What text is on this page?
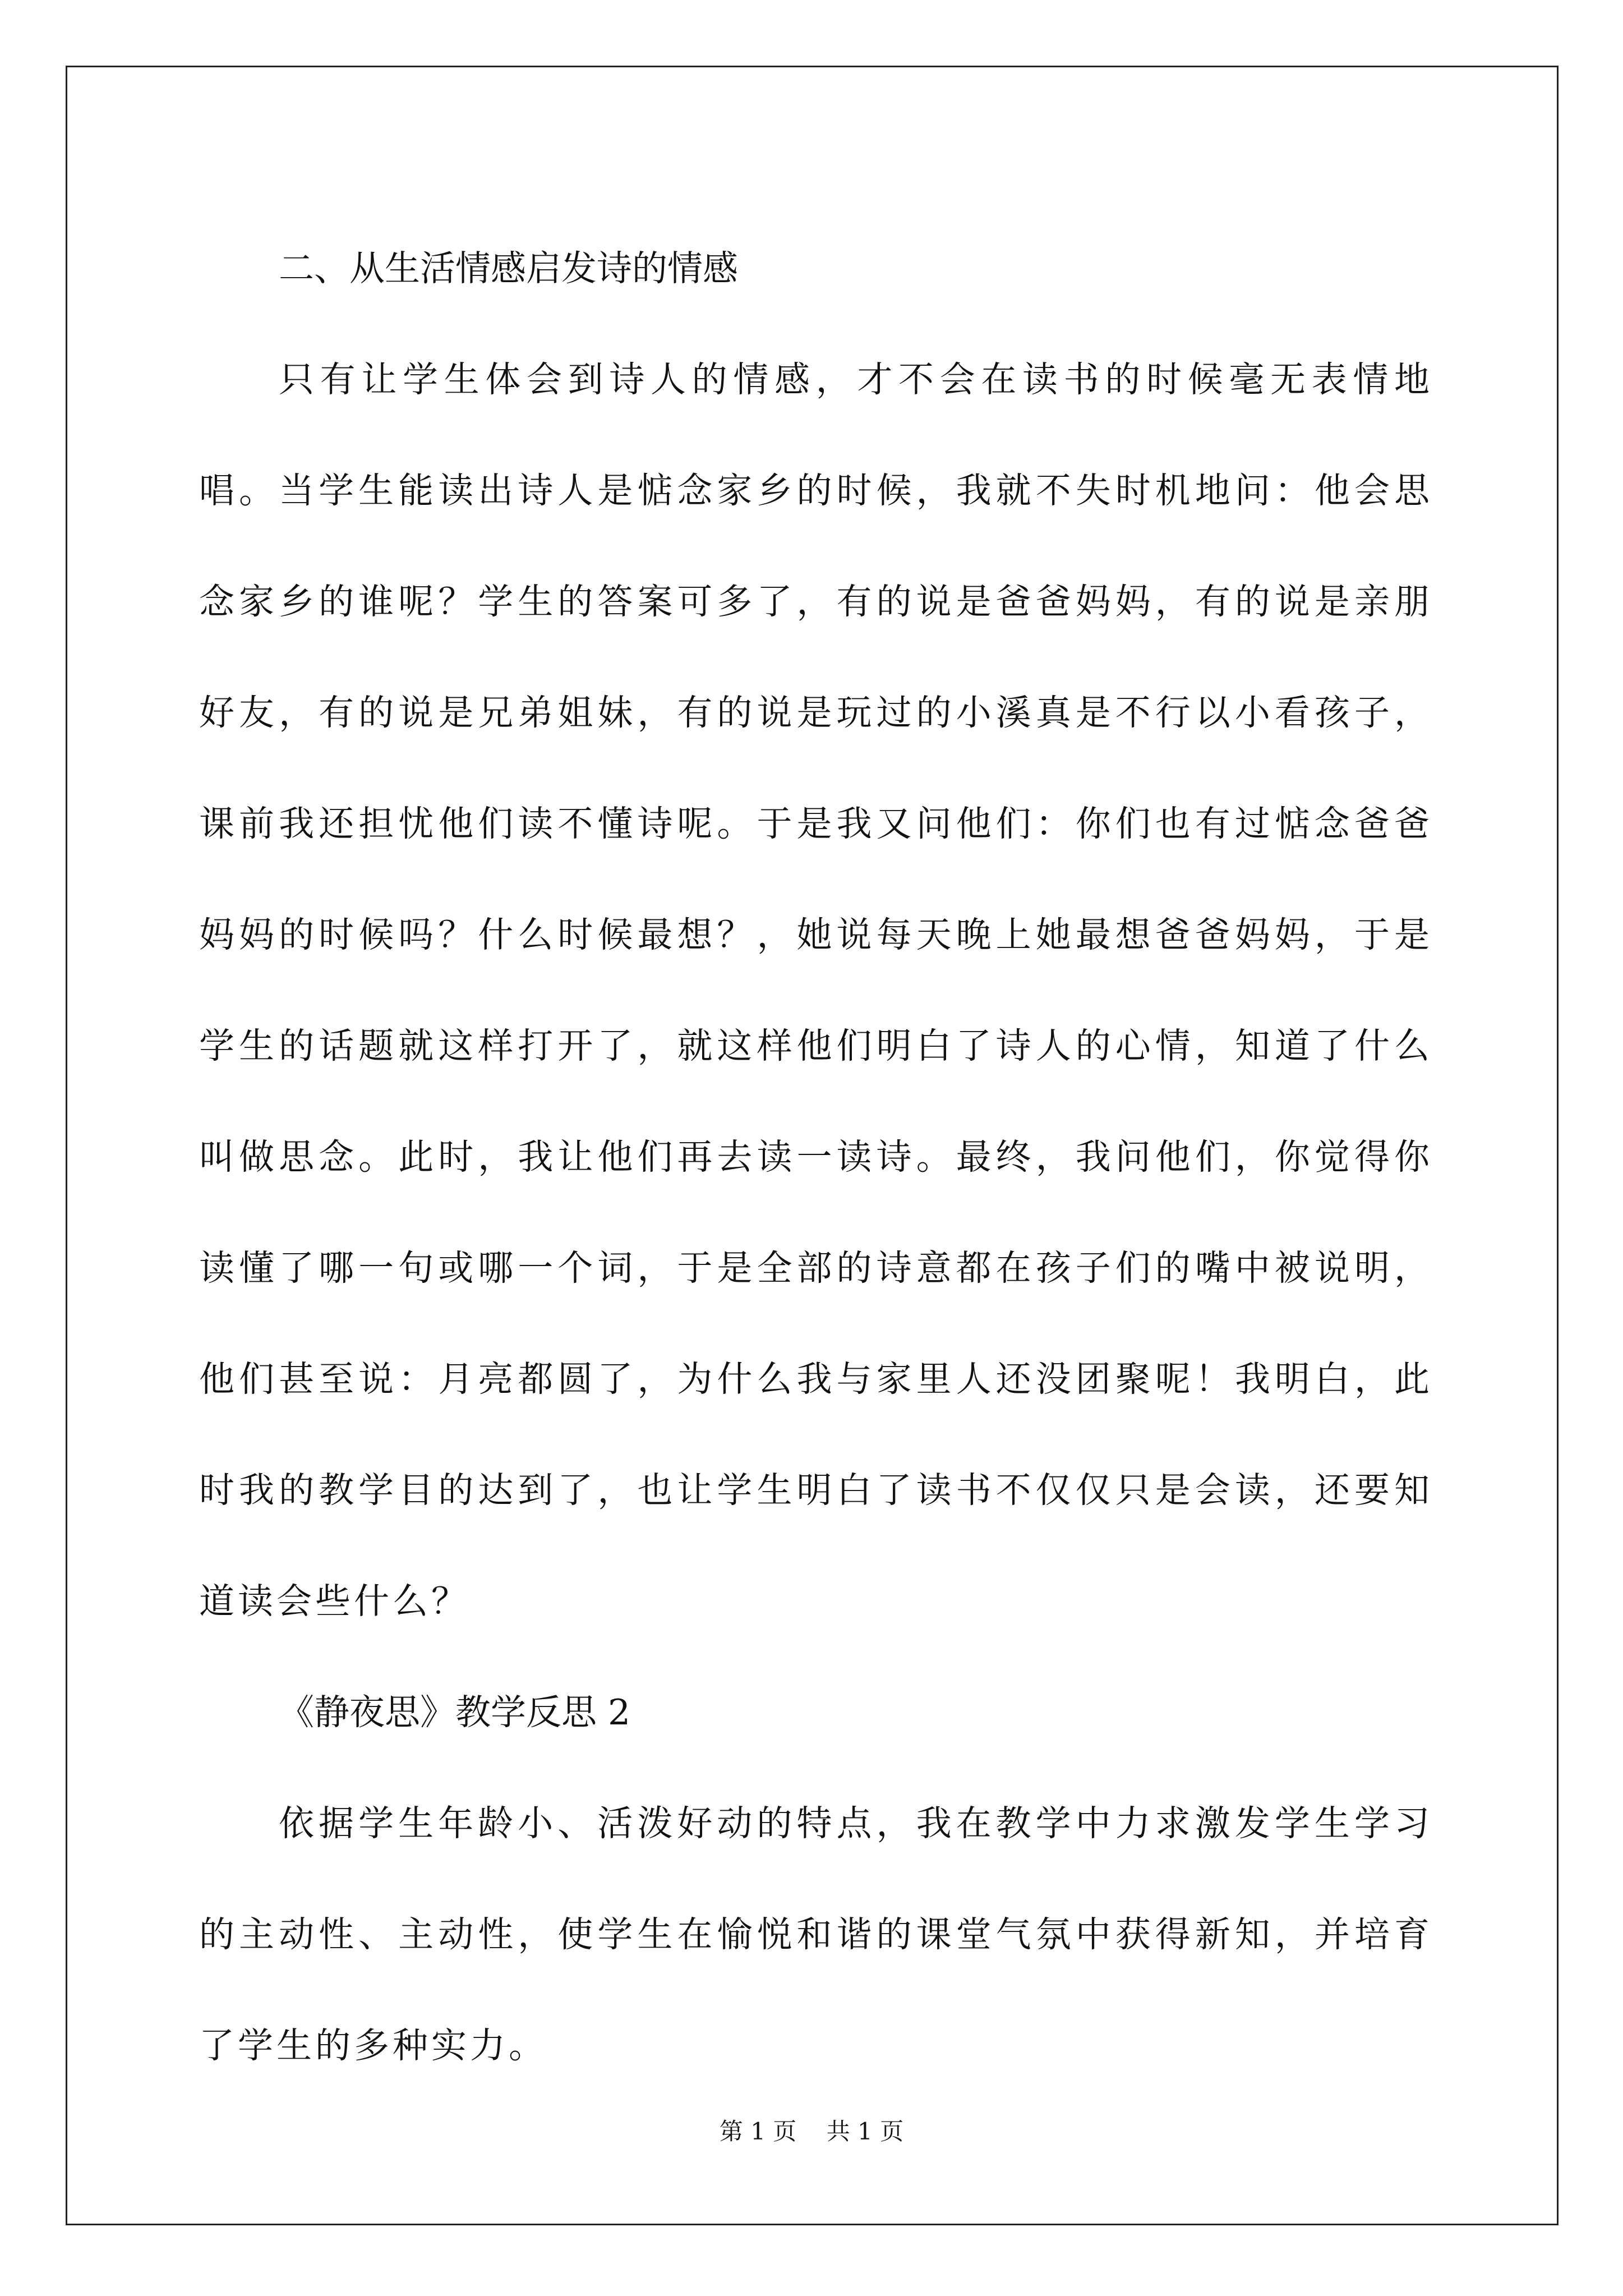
二、从生活情感启发诗的情感

只有让学生体会到诗人的情感，才不会在读书的时候毫无表情地唱。当学生能读出诗人是惦念家乡的时候，我就不失时机地问：他会思念家乡的谁呢？学生的答案可多了，有的说是爸爸妈妈，有的说是亲朋好友，有的说是兄弟姐妹，有的说是玩过的小溪真是不行以小看孩子，课前我还担忧他们读不懂诗呢。于是我又问他们：你们也有过惦念爸爸妈妈的时候吗？什么时候最想？，她说每天晚上她最想爸爸妈妈，于是学生的话题就这样打开了，就这样他们明白了诗人的心情，知道了什么叫做思念。此时，我让他们再去读一读诗。最终，我问他们，你觉得你读懂了哪一句或哪一个词，于是全部的诗意都在孩子们的嘴中被说明，他们甚至说：月亮都圆了，为什么我与家里人还没团聚呢！我明白，此时我的教学目的达到了，也让学生明白了读书不仅仅只是会读，还要知道读会些什么？

《静夜思》教学反思 2

依据学生年龄小、活泼好动的特点，我在教学中力求激发学生学习的主动性、主动性，使学生在愉悦和谐的课堂气氛中获得新知，并培育了学生的多种实力。

第 1 页    共 1 页
